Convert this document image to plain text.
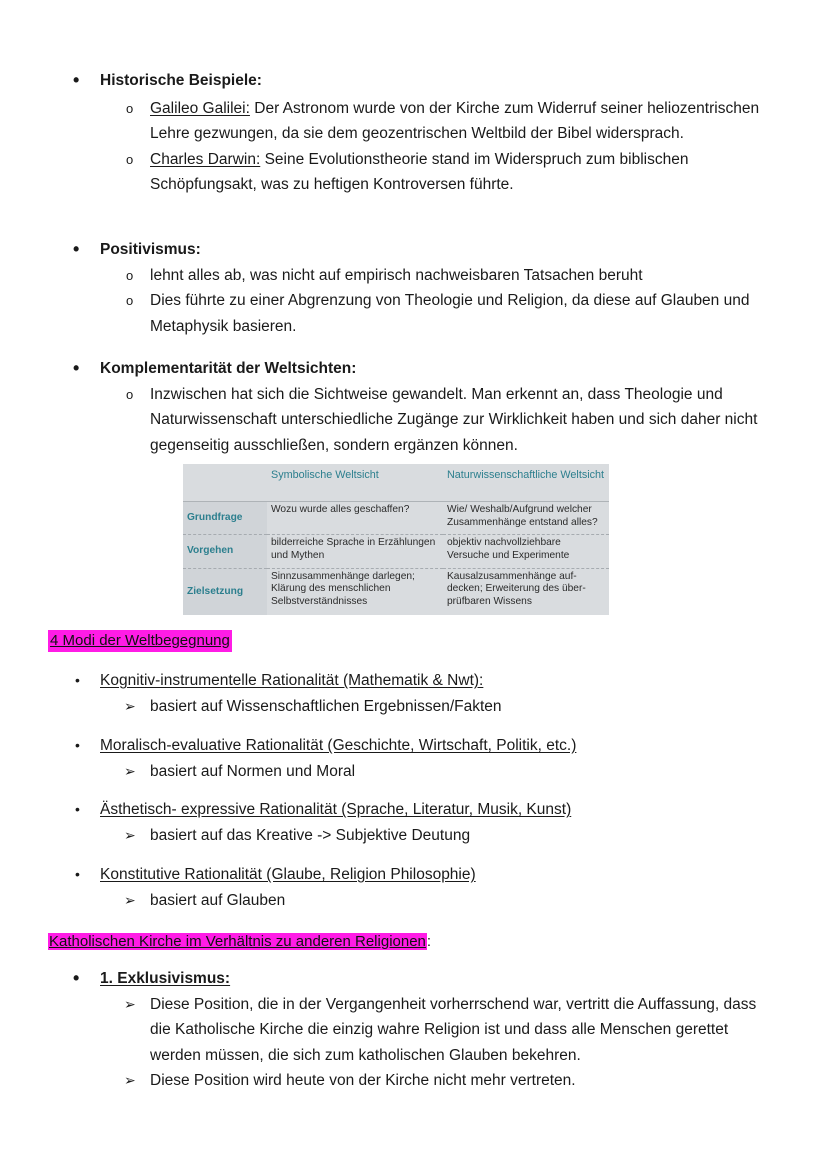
• Historische Beispiele:
o Galileo Galilei: Der Astronom wurde von der Kirche zum Widerruf seiner heliozentrischen Lehre gezwungen, da sie dem geozentrischen Weltbild der Bibel widersprach.
o Charles Darwin: Seine Evolutionstheorie stand im Widerspruch zum biblischen Schöpfungsakt, was zu heftigen Kontroversen führte.
• Positivismus:
o lehnt alles ab, was nicht auf empirisch nachweisbaren Tatsachen beruht
o Dies führte zu einer Abgrenzung von Theologie und Religion, da diese auf Glauben und Metaphysik basieren.
• Komplementarität der Weltsichten:
o Inzwischen hat sich die Sichtweise gewandelt. Man erkennt an, dass Theologie und Naturwissenschaft unterschiedliche Zugänge zur Wirklichkeit haben und sich daher nicht gegenseitig ausschließen, sondern ergänzen können.
	Symbolische Weltsicht	Naturwissenschaftliche Weltsicht
Grundfrage	Wozu wurde alles geschaffen?	Wie/ Weshalb/Aufgrund welcher Zusammenhänge entstand alles?
Vorgehen	bilderreiche Sprache in Erzählungen und Mythen	objektiv nachvollziehbare Versuche und Experimente
Zielsetzung	Sinnzusammenhänge darlegen; Klärung des menschlichen Selbstverständnisses	Kausalzusammenhänge auf-decken; Erweiterung des über-prüfbaren Wissens
4 Modi der Weltbegegnung
• Kognitiv-instrumentelle Rationalität (Mathematik & Nwt):
➢ basiert auf Wissenschaftlichen Ergebnissen/Fakten
• Moralisch-evaluative Rationalität (Geschichte, Wirtschaft, Politik, etc.)
➢ basiert auf Normen und Moral
• Ästhetisch- expressive Rationalität (Sprache, Literatur, Musik, Kunst)
➢ basiert auf das Kreative -> Subjektive Deutung
• Konstitutive Rationalität (Glaube, Religion Philosophie)
➢ basiert auf Glauben
Katholischen Kirche im Verhältnis zu anderen Religionen:
• 1. Exklusivismus:
➢ Diese Position, die in der Vergangenheit vorherrschend war, vertritt die Auffassung, dass die Katholische Kirche die einzig wahre Religion ist und dass alle Menschen gerettet werden müssen, die sich zum katholischen Glauben bekehren.
➢ Diese Position wird heute von der Kirche nicht mehr vertreten.
